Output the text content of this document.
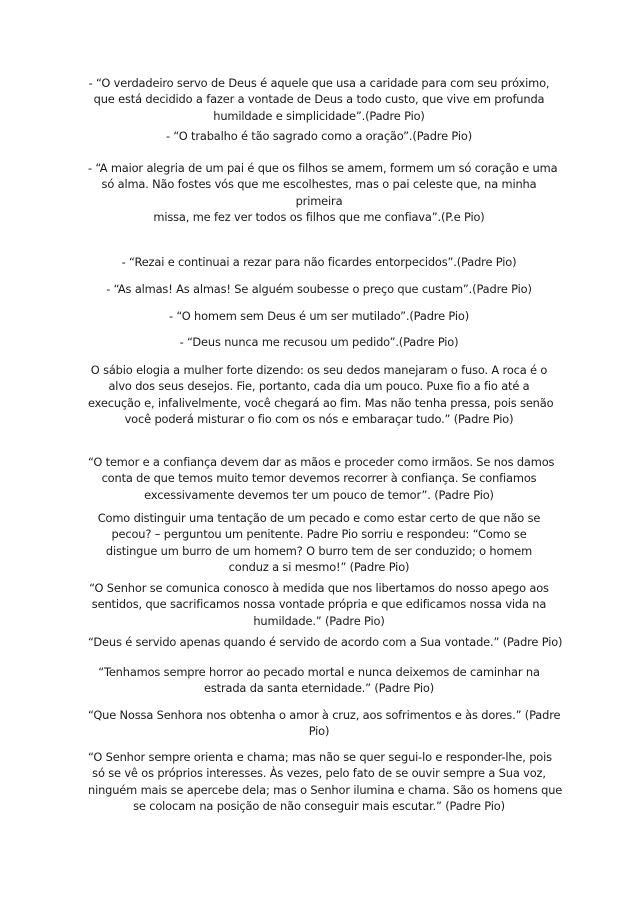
- “O verdadeiro servo de Deus é aquele que usa a caridade para com seu próximo,
que está decidido a fazer a vontade de Deus a todo custo, que vive em profunda
humildade e simplicidade”.(Padre Pio)

- “O trabalho é tão sagrado como a oração”.(Padre Pio)

- “A maior alegria de um pai é que os filhos se amem, formem um só coração e uma
só alma. Não fostes vós que me escolhestes, mas o pai celeste que, na minha
primeira
missa, me fez ver todos os filhos que me confiava”.(P.e Pio)

- “Rezai e continuai a rezar para não ficardes entorpecidos”.(Padre Pio)

- “As almas! As almas! Se alguém soubesse o preço que custam”.(Padre Pio)

- “O homem sem Deus é um ser mutilado”.(Padre Pio)

- “Deus nunca me recusou um pedido”.(Padre Pio)

O sábio elogia a mulher forte dizendo: os seu dedos manejaram o fuso. A roca é o
alvo dos seus desejos. Fie, portanto, cada dia um pouco. Puxe fio a fio até a
execução e, infalivelmente, você chegará ao fim. Mas não tenha pressa, pois senão
você poderá misturar o fio com os nós e embaraçar tudo.” (Padre Pio)

“O temor e a confiança devem dar as mãos e proceder como irmãos. Se nos damos
conta de que temos muito temor devemos recorrer à confiança. Se confiamos
excessivamente devemos ter um pouco de temor”. (Padre Pio)

Como distinguir uma tentação de um pecado e como estar certo de que não se
pecou? – perguntou um penitente. Padre Pio sorriu e respondeu: “Como se
distingue um burro de um homem? O burro tem de ser conduzido; o homem
conduz a si mesmo!” (Padre Pio)

“O Senhor se comunica conosco à medida que nos libertamos do nosso apego aos
sentidos, que sacrificamos nossa vontade própria e que edificamos nossa vida na
humildade.” (Padre Pio)

“Deus é servido apenas quando é servido de acordo com a Sua vontade.” (Padre Pio)

“Tenhamos sempre horror ao pecado mortal e nunca deixemos de caminhar na
estrada da santa eternidade.” (Padre Pio)

“Que Nossa Senhora nos obtenha o amor à cruz, aos sofrimentos e às dores.” (Padre
Pio)

“O Senhor sempre orienta e chama; mas não se quer segui-lo e responder-lhe, pois
só se vê os próprios interesses. Às vezes, pelo fato de se ouvir sempre a Sua voz,
ninguém mais se apercebe dela; mas o Senhor ilumina e chama. São os homens que
se colocam na posição de não conseguir mais escutar.” (Padre Pio)
